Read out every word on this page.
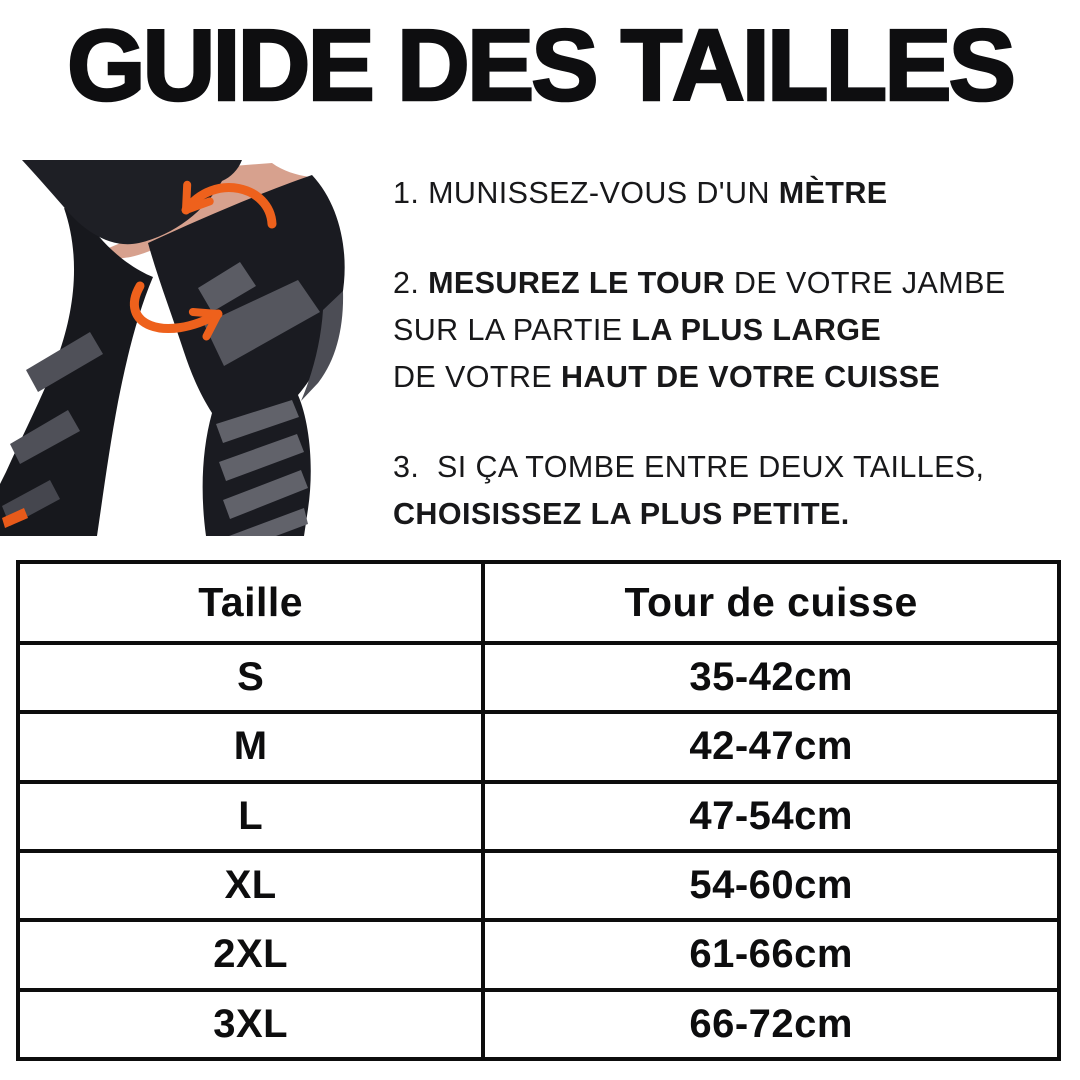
GUIDE DES TAILLES

1. MUNISSEZ-VOUS D'UN MÈTRE

2. MESUREZ LE TOUR DE VOTRE JAMBE
SUR LA PARTIE LA PLUS LARGE
DE VOTRE HAUT DE VOTRE CUISSE

3.  SI ÇA TOMBE ENTRE DEUX TAILLES,
CHOISISSEZ LA PLUS PETITE.

Taille	Tour de cuisse
S	35-42cm
M	42-47cm
L	47-54cm
XL	54-60cm
2XL	61-66cm
3XL	66-72cm
